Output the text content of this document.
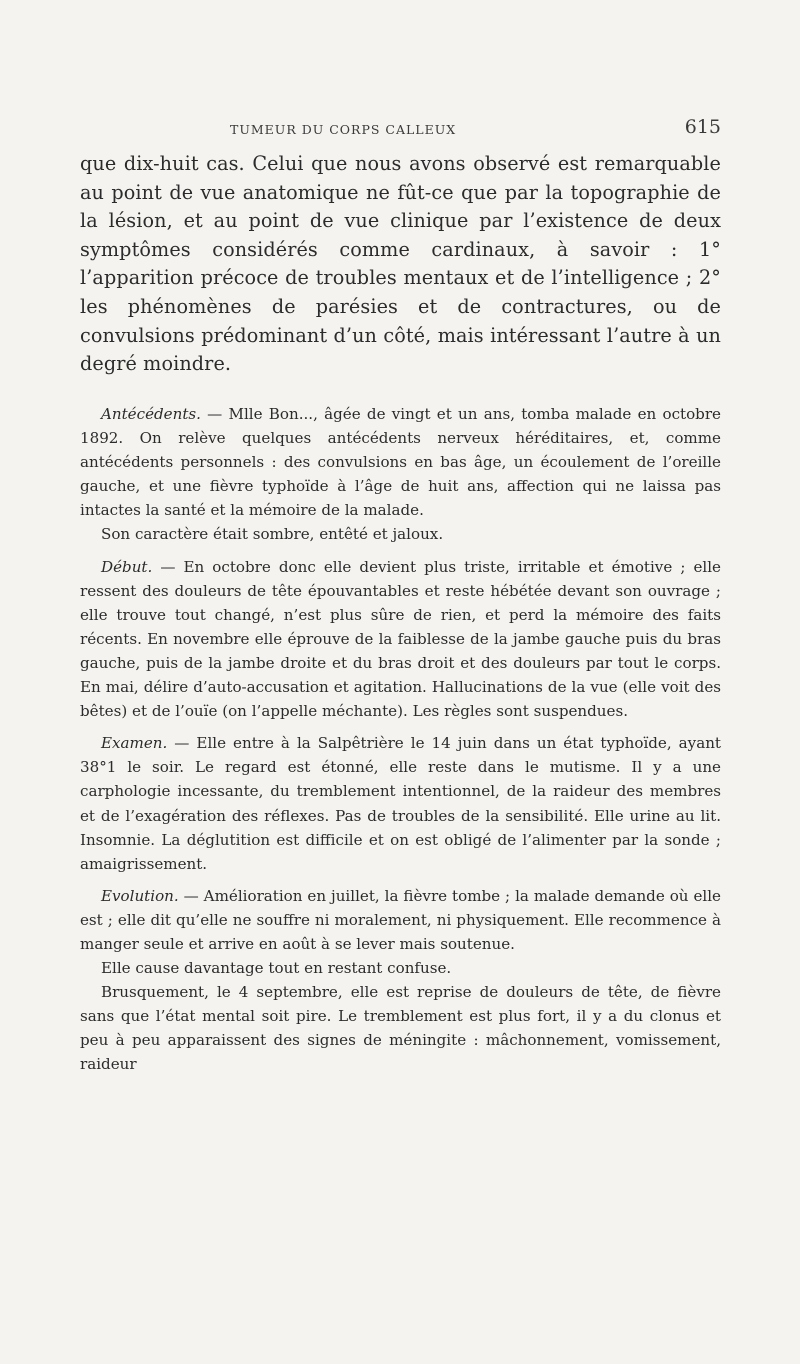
TUMEUR DU CORPS CALLEUX	615

que dix-huit cas. Celui que nous avons observé est remarquable au point de vue anatomique ne fût-ce que par la topographie de la lésion, et au point de vue clinique par l’existence de deux symptômes considérés comme cardinaux, à savoir : 1° l’apparition précoce de troubles mentaux et de l’intelligence ; 2° les phénomènes de parésies et de contractures, ou de convulsions prédominant d’un côté, mais intéressant l’autre à un degré moindre.

Antécédents. — Mlle Bon..., âgée de vingt et un ans, tomba malade en octobre 1892. On relève quelques antécédents nerveux héréditaires, et, comme antécédents personnels : des convulsions en bas âge, un écoulement de l’oreille gauche, et une fièvre typhoïde à l’âge de huit ans, affection qui ne laissa pas intactes la santé et la mémoire de la malade.

Son caractère était sombre, entêté et jaloux.

Début. — En octobre donc elle devient plus triste, irritable et émotive ; elle ressent des douleurs de tête épouvantables et reste hébétée devant son ouvrage ; elle trouve tout changé, n’est plus sûre de rien, et perd la mémoire des faits récents. En novembre elle éprouve de la faiblesse de la jambe gauche puis du bras gauche, puis de la jambe droite et du bras droit et des douleurs par tout le corps. En mai, délire d’auto-accusation et agitation. Hallucinations de la vue (elle voit des bêtes) et de l’ouïe (on l’appelle méchante). Les règles sont suspendues.

Examen. — Elle entre à la Salpêtrière le 14 juin dans un état typhoïde, ayant 38°1 le soir. Le regard est étonné, elle reste dans le mutisme. Il y a une carphologie incessante, du tremblement intentionnel, de la raideur des membres et de l’exagération des réflexes. Pas de troubles de la sensibilité. Elle urine au lit. Insomnie. La déglutition est difficile et on est obligé de l’alimenter par la sonde ; amaigrissement.

Evolution. — Amélioration en juillet, la fièvre tombe ; la malade demande où elle est ; elle dit qu’elle ne souffre ni moralement, ni physiquement. Elle recommence à manger seule et arrive en août à se lever mais soutenue.

Elle cause davantage tout en restant confuse.

Brusquement, le 4 septembre, elle est reprise de douleurs de tête, de fièvre sans que l’état mental soit pire. Le tremblement est plus fort, il y a du clonus et peu à peu apparaissent des signes de méningite : mâchonnement, vomissement, raideur
